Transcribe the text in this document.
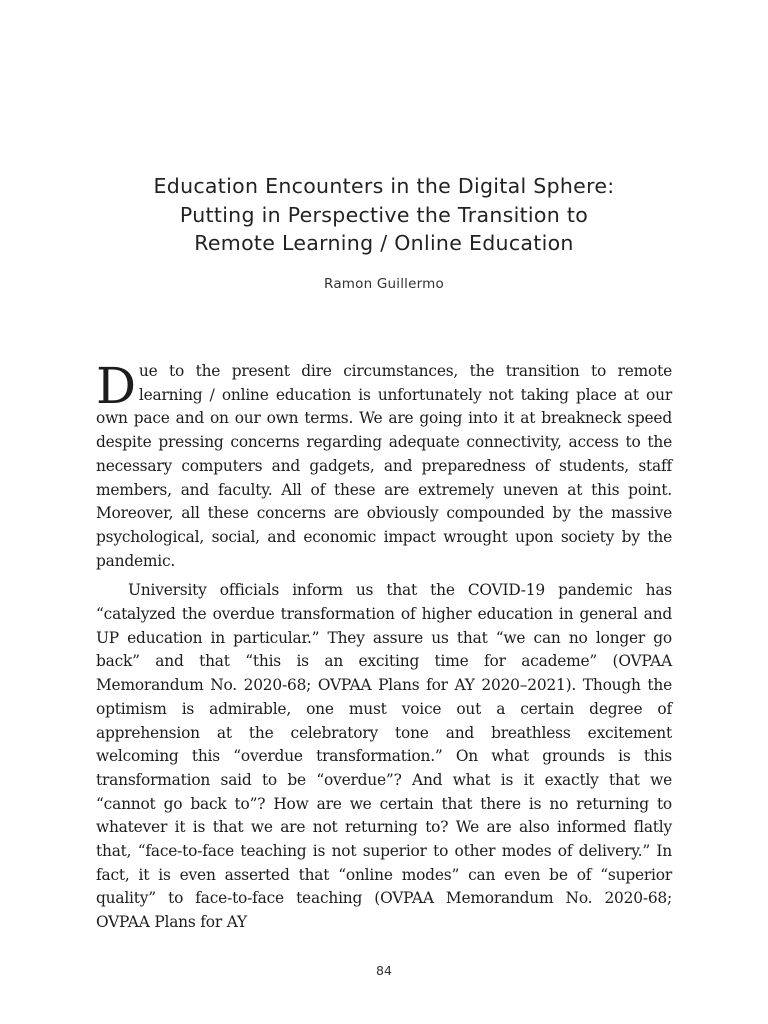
Education Encounters in the Digital Sphere:
Putting in Perspective the Transition to
Remote Learning / Online Education
Ramon Guillermo

Due to the present dire circumstances, the transition to remote learning / online education is unfortunately not taking place at our own pace and on our own terms. We are going into it at breakneck speed despite pressing concerns regarding adequate connectivity, access to the necessary computers and gadgets, and preparedness of students, staff members, and faculty. All of these are extremely uneven at this point. Moreover, all these concerns are obviously compounded by the massive psychological, social, and economic impact wrought upon society by the pandemic.

University officials inform us that the COVID-19 pandemic has “catalyzed the overdue transformation of higher education in general and UP education in particular.” They assure us that “we can no longer go back” and that “this is an exciting time for academe” (OVPAA Memorandum No. 2020-68; OVPAA Plans for AY 2020–2021). Though the optimism is admirable, one must voice out a certain degree of apprehension at the celebratory tone and breathless excitement welcoming this “overdue transformation.” On what grounds is this transformation said to be “overdue”? And what is it exactly that we “cannot go back to”? How are we certain that there is no returning to whatever it is that we are not returning to? We are also informed flatly that, “face-to-face teaching is not superior to other modes of delivery.” In fact, it is even asserted that “online modes” can even be of “superior quality” to face-to-face teaching (OVPAA Memorandum No. 2020-68; OVPAA Plans for AY

84
